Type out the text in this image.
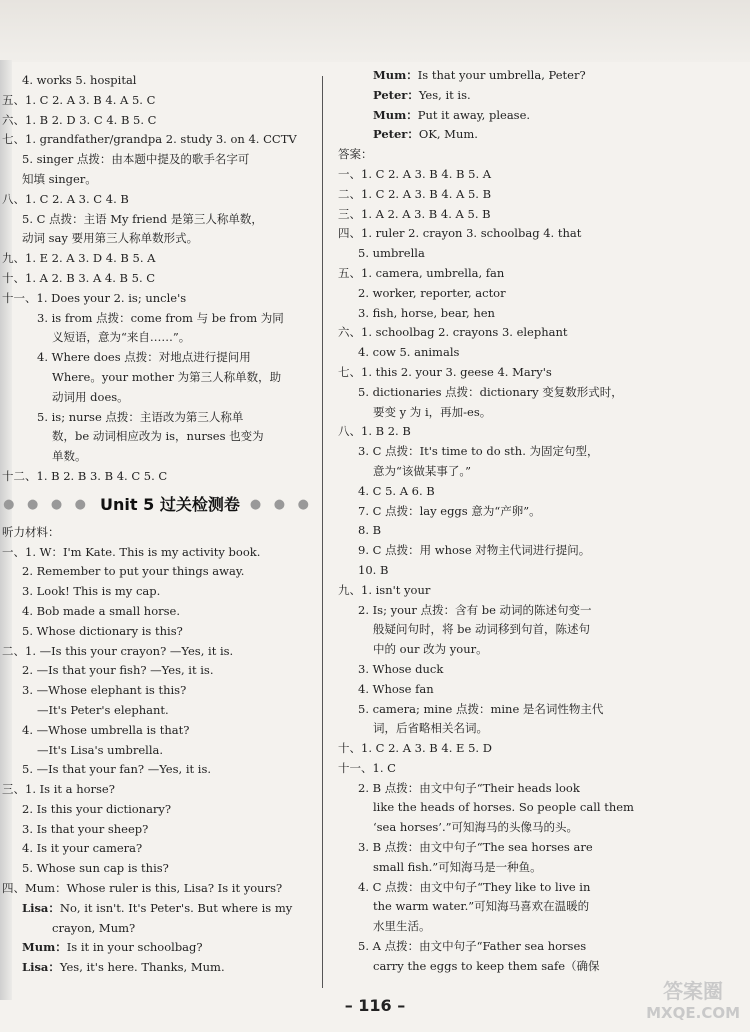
4. works 5. hospital
五、1. C 2. A 3. B 4. A 5. C
六、1. B 2. D 3. C 4. B 5. C
七、1. grandfather/grandpa 2. study 3. on 4. CCTV
5. singer 点拨：由本题中提及的歌手名字可
知填 singer。
八、1. C 2. A 3. C 4. B
5. C 点拨：主语 My friend 是第三人称单数，
动词 say 要用第三人称单数形式。
九、1. E 2. A 3. D 4. B 5. A
十、1. A 2. B 3. A 4. B 5. C
十一、1. Does your 2. is; uncle's
3. is from 点拨：come from 与 be from 为同
义短语，意为“来自……”。
4. Where does 点拨：对地点进行提问用
Where。your mother 为第三人称单数，助
动词用 does。
5. is; nurse 点拨：主语改为第三人称单
数，be 动词相应改为 is，nurses 也变为
单数。
十二、1. B 2. B 3. B 4. C 5. C
● ● ● ● Unit 5 过关检测卷 ● ● ●
听力材料：
一、1. W：I'm Kate. This is my activity book.
2. Remember to put your things away.
3. Look! This is my cap.
4. Bob made a small horse.
5. Whose dictionary is this?
二、1. —Is this your crayon? —Yes, it is.
2. —Is that your fish? —Yes, it is.
3. —Whose elephant is this?
—It's Peter's elephant.
4. —Whose umbrella is that?
—It's Lisa's umbrella.
5. —Is that your fan? —Yes, it is.
三、1. Is it a horse?
2. Is this your dictionary?
3. Is that your sheep?
4. Is it your camera?
5. Whose sun cap is this?
四、Mum：Whose ruler is this, Lisa? Is it yours?
Lisa：No, it isn't. It's Peter's. But where is my
crayon, Mum?
Mum：Is it in your schoolbag?
Lisa：Yes, it's here. Thanks, Mum.
Mum：Is that your umbrella, Peter?
Peter：Yes, it is.
Mum：Put it away, please.
Peter：OK, Mum.
答案：
一、1. C 2. A 3. B 4. B 5. A
二、1. C 2. A 3. B 4. A 5. B
三、1. A 2. A 3. B 4. A 5. B
四、1. ruler 2. crayon 3. schoolbag 4. that
5. umbrella
五、1. camera, umbrella, fan
2. worker, reporter, actor
3. fish, horse, bear, hen
六、1. schoolbag 2. crayons 3. elephant
4. cow 5. animals
七、1. this 2. your 3. geese 4. Mary's
5. dictionaries 点拨：dictionary 变复数形式时，
要变 y 为 i，再加-es。
八、1. B 2. B
3. C 点拨：It's time to do sth. 为固定句型，
意为“该做某事了。”
4. C 5. A 6. B
7. C 点拨：lay eggs 意为“产卵”。
8. B
9. C 点拨：用 whose 对物主代词进行提问。
10. B
九、1. isn't your
2. Is; your 点拨：含有 be 动词的陈述句变一
般疑问句时，将 be 动词移到句首，陈述句
中的 our 改为 your。
3. Whose duck
4. Whose fan
5. camera; mine 点拨：mine 是名词性物主代
词，后省略相关名词。
十、1. C 2. A 3. B 4. E 5. D
十一、1. C
2. B 点拨：由文中句子“Their heads look
like the heads of horses. So people call them
‘sea horses’.”可知海马的头像马的头。
3. B 点拨：由文中句子“The sea horses are
small fish.”可知海马是一种鱼。
4. C 点拨：由文中句子“They like to live in
the warm water.”可知海马喜欢在温暖的
水里生活。
5. A 点拨：由文中句子“Father sea horses
carry the eggs to keep them safe（确保
– 116 –
答案圈
MXQE.COM
